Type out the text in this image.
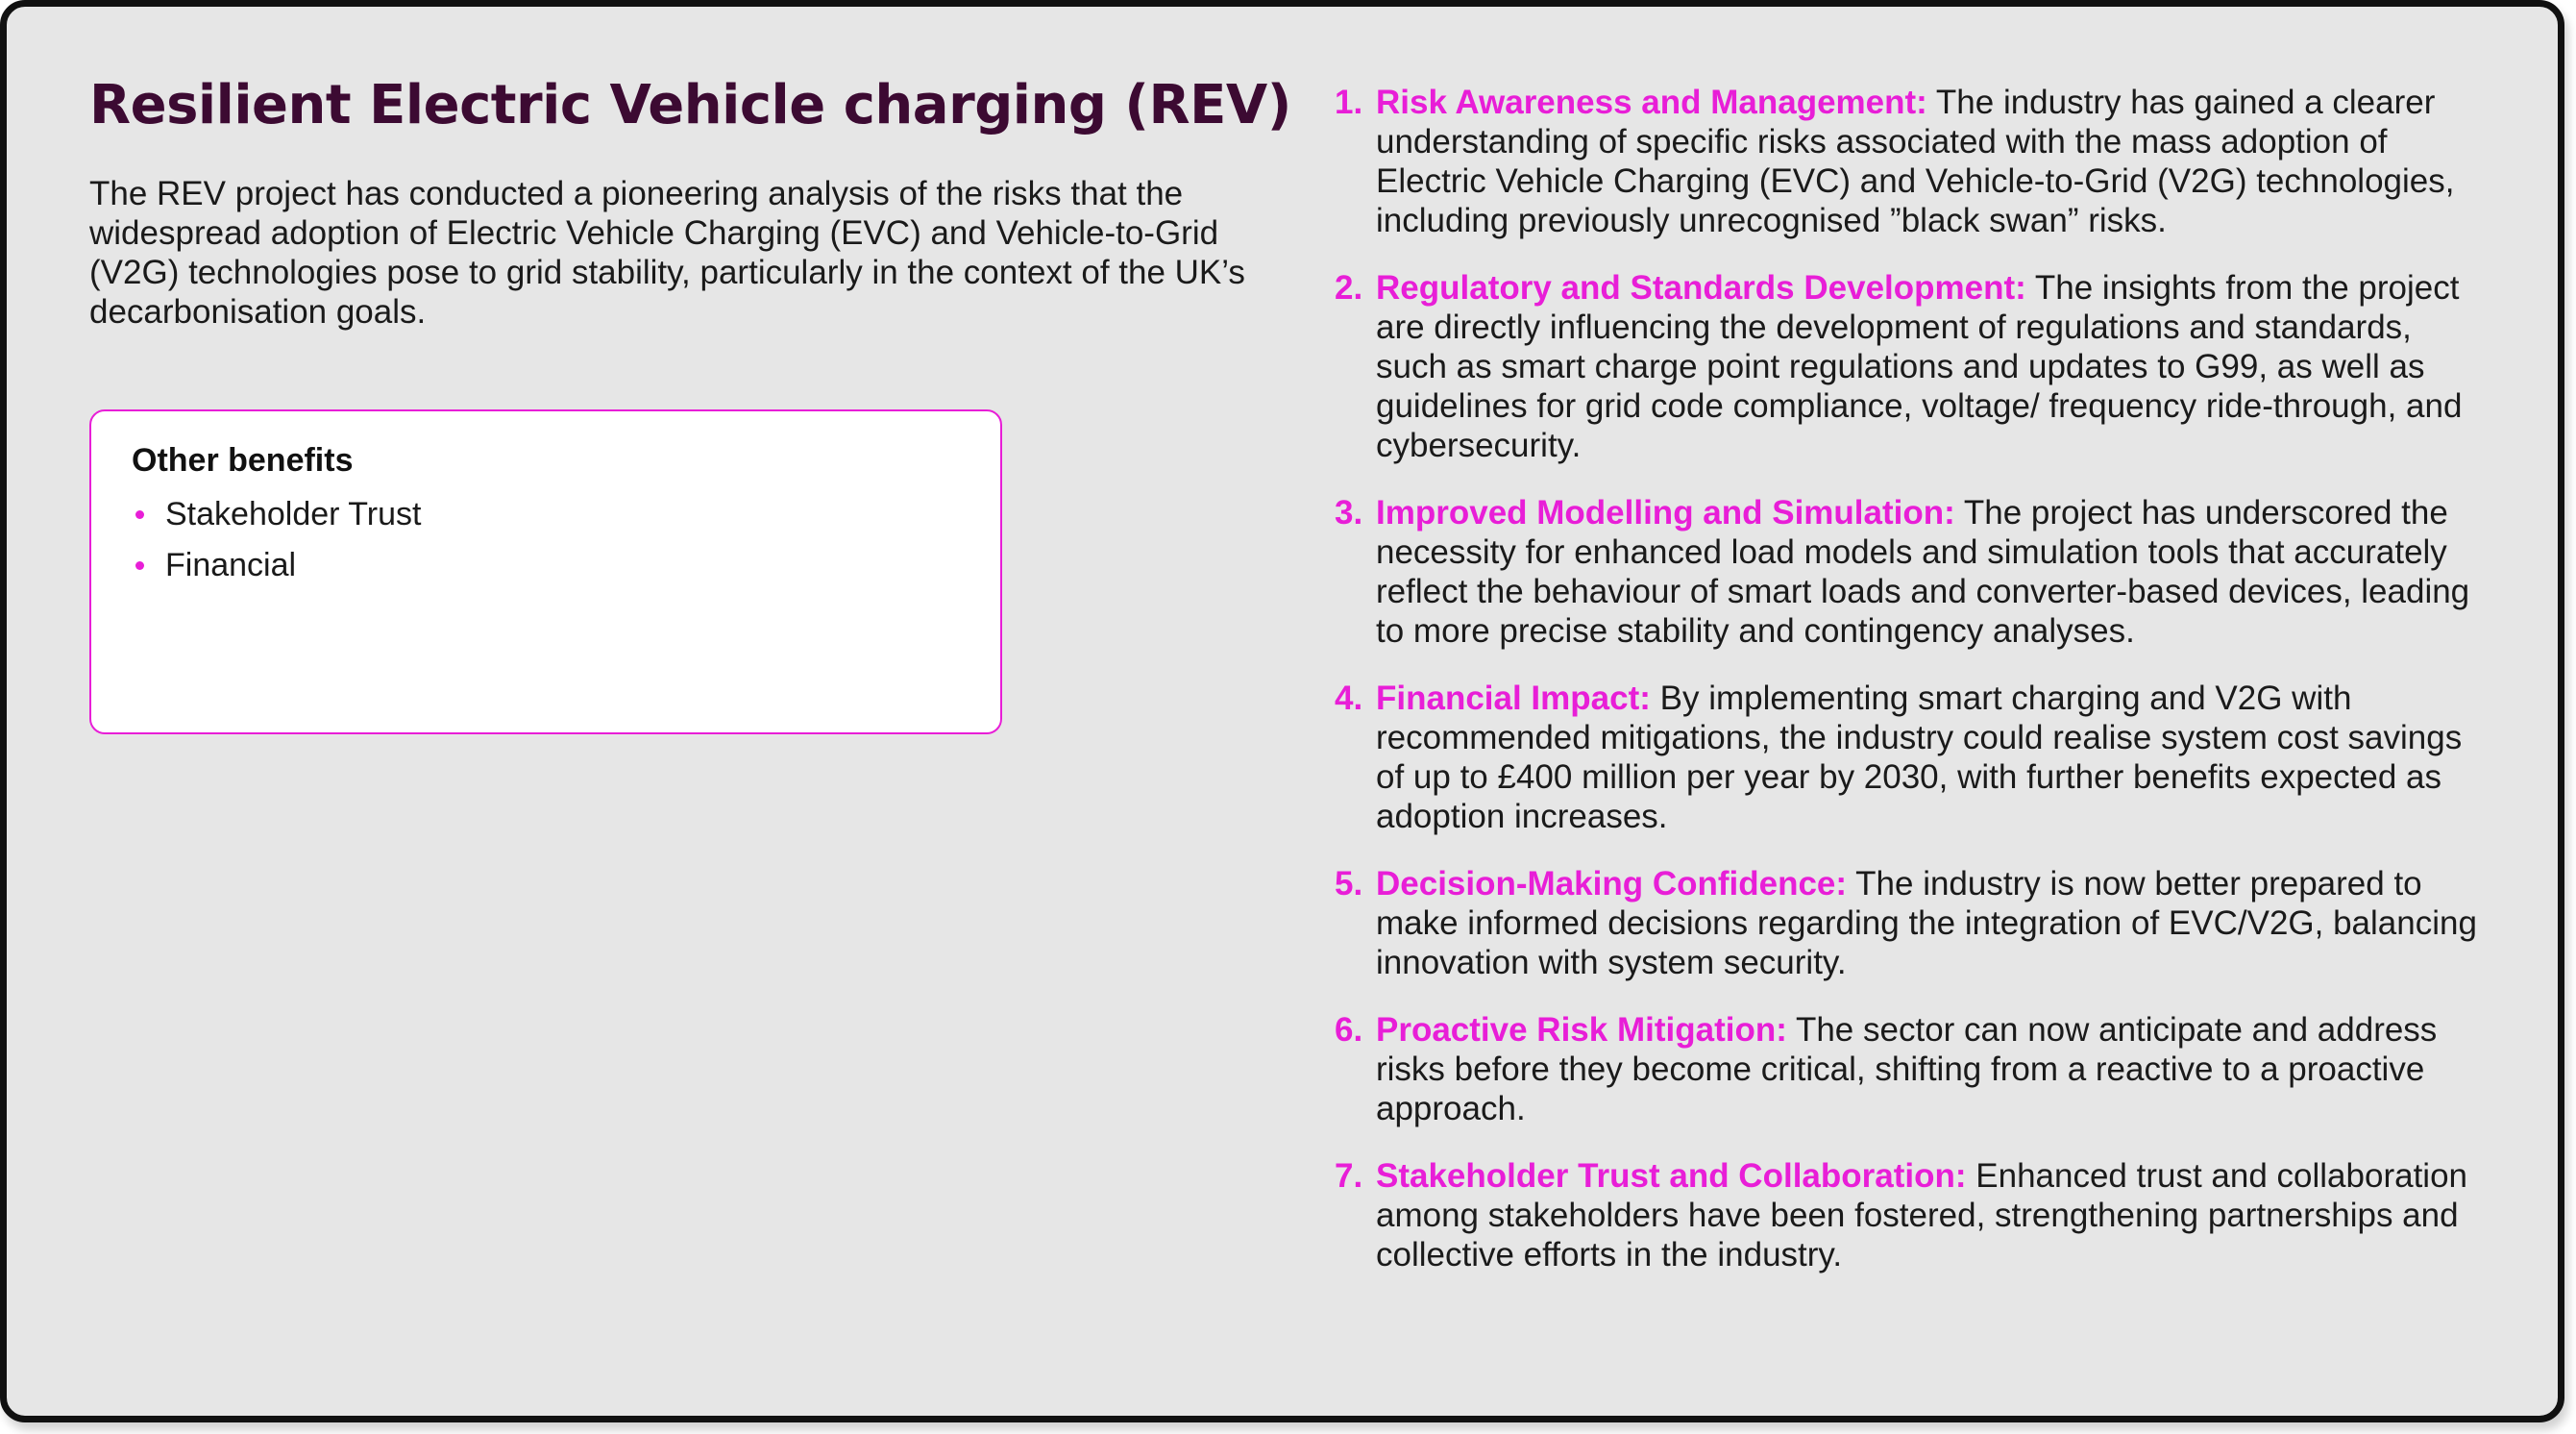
Resilient Electric Vehicle charging (REV)

The REV project has conducted a pioneering analysis of the risks that the widespread adoption of Electric Vehicle Charging (EVC) and Vehicle-to-Grid (V2G) technologies pose to grid stability, particularly in the context of the UK’s decarbonisation goals.

Other benefits
Stakeholder Trust
Financial
1. Risk Awareness and Management: The industry has gained a clearer understanding of specific risks associated with the mass adoption of Electric Vehicle Charging (EVC) and Vehicle-to-Grid (V2G) technologies, including previously unrecognised ”black swan” risks.
2. Regulatory and Standards Development: The insights from the project are directly influencing the development of regulations and standards, such as smart charge point regulations and updates to G99, as well as guidelines for grid code compliance, voltage/ frequency ride-through, and cybersecurity.
3. Improved Modelling and Simulation: The project has underscored the necessity for enhanced load models and simulation tools that accurately reflect the behaviour of smart loads and converter-based devices, leading to more precise stability and contingency analyses.
4. Financial Impact: By implementing smart charging and V2G with recommended mitigations, the industry could realise system cost savings of up to £400 million per year by 2030, with further benefits expected as adoption increases.
5. Decision-Making Confidence: The industry is now better prepared to make informed decisions regarding the integration of EVC/V2G, balancing innovation with system security.
6. Proactive Risk Mitigation: The sector can now anticipate and address risks before they become critical, shifting from a reactive to a proactive approach.
7. Stakeholder Trust and Collaboration: Enhanced trust and collaboration among stakeholders have been fostered, strengthening partnerships and collective efforts in the industry.
